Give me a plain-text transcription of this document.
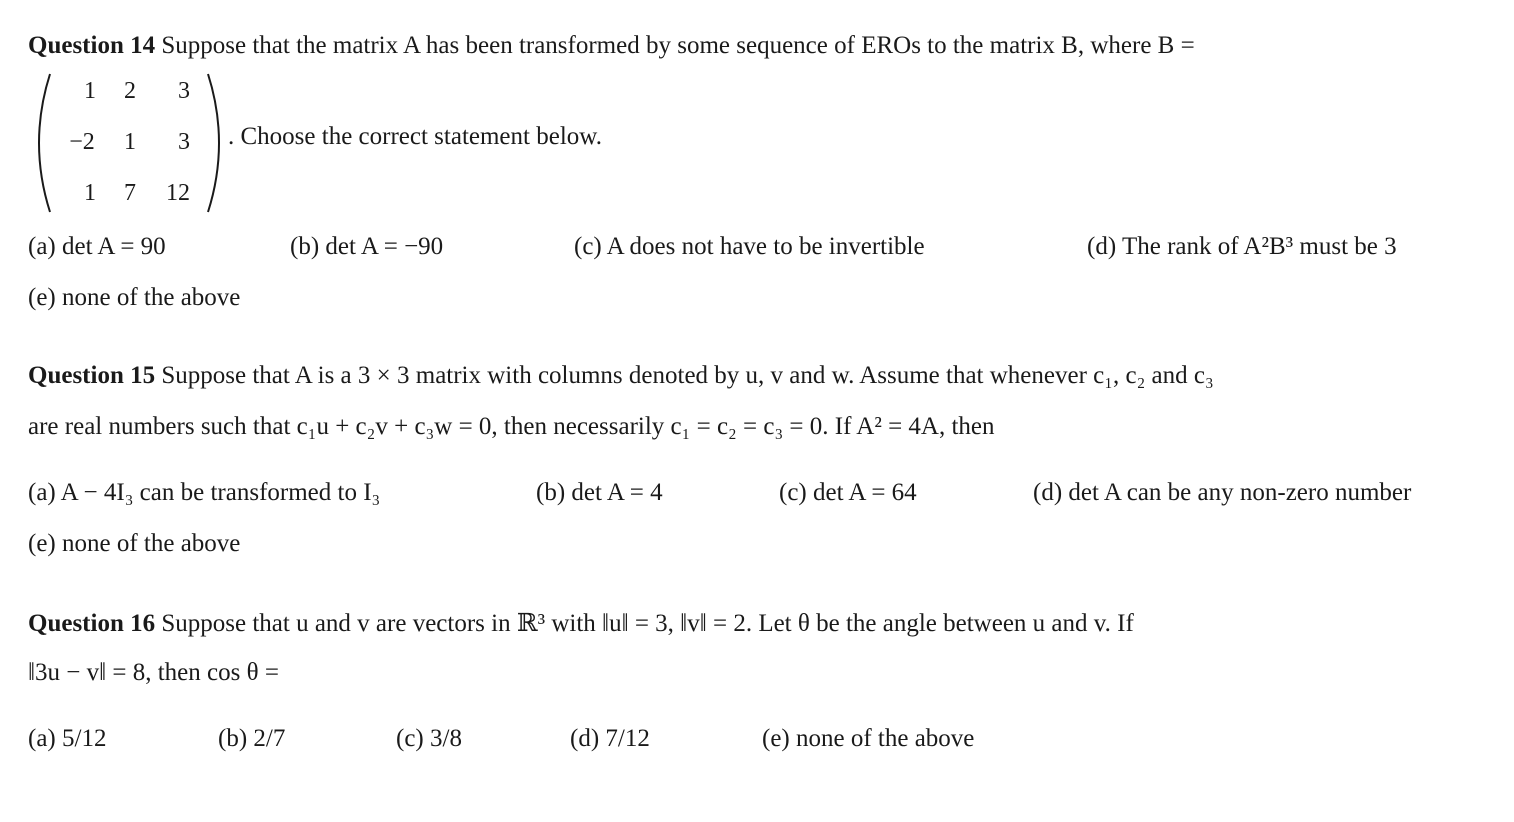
Question 14 Suppose that the matrix A has been transformed by some sequence of EROs to the matrix B, where B =
1	2	3
−2	1	3
1	7	12
. Choose the correct statement below.
(a) det A = 90	(b) det A = −90	(c) A does not have to be invertible	(d) The rank of A²B³ must be 3
(e) none of the above
Question 15 Suppose that A is a 3 × 3 matrix with columns denoted by u, v and w. Assume that whenever c₁, c₂ and c₃
are real numbers such that c₁u + c₂v + c₃w = 0, then necessarily c₁ = c₂ = c₃ = 0. If A² = 4A, then
(a) A − 4I₃ can be transformed to I₃	(b) det A = 4	(c) det A = 64	(d) det A can be any non-zero number
(e) none of the above
Question 16 Suppose that u and v are vectors in ℝ³ with ‖u‖ = 3, ‖v‖ = 2. Let θ be the angle between u and v. If
‖3u − v‖ = 8, then cos θ =
(a) 5/12	(b) 2/7	(c) 3/8	(d) 7/12	(e) none of the above
